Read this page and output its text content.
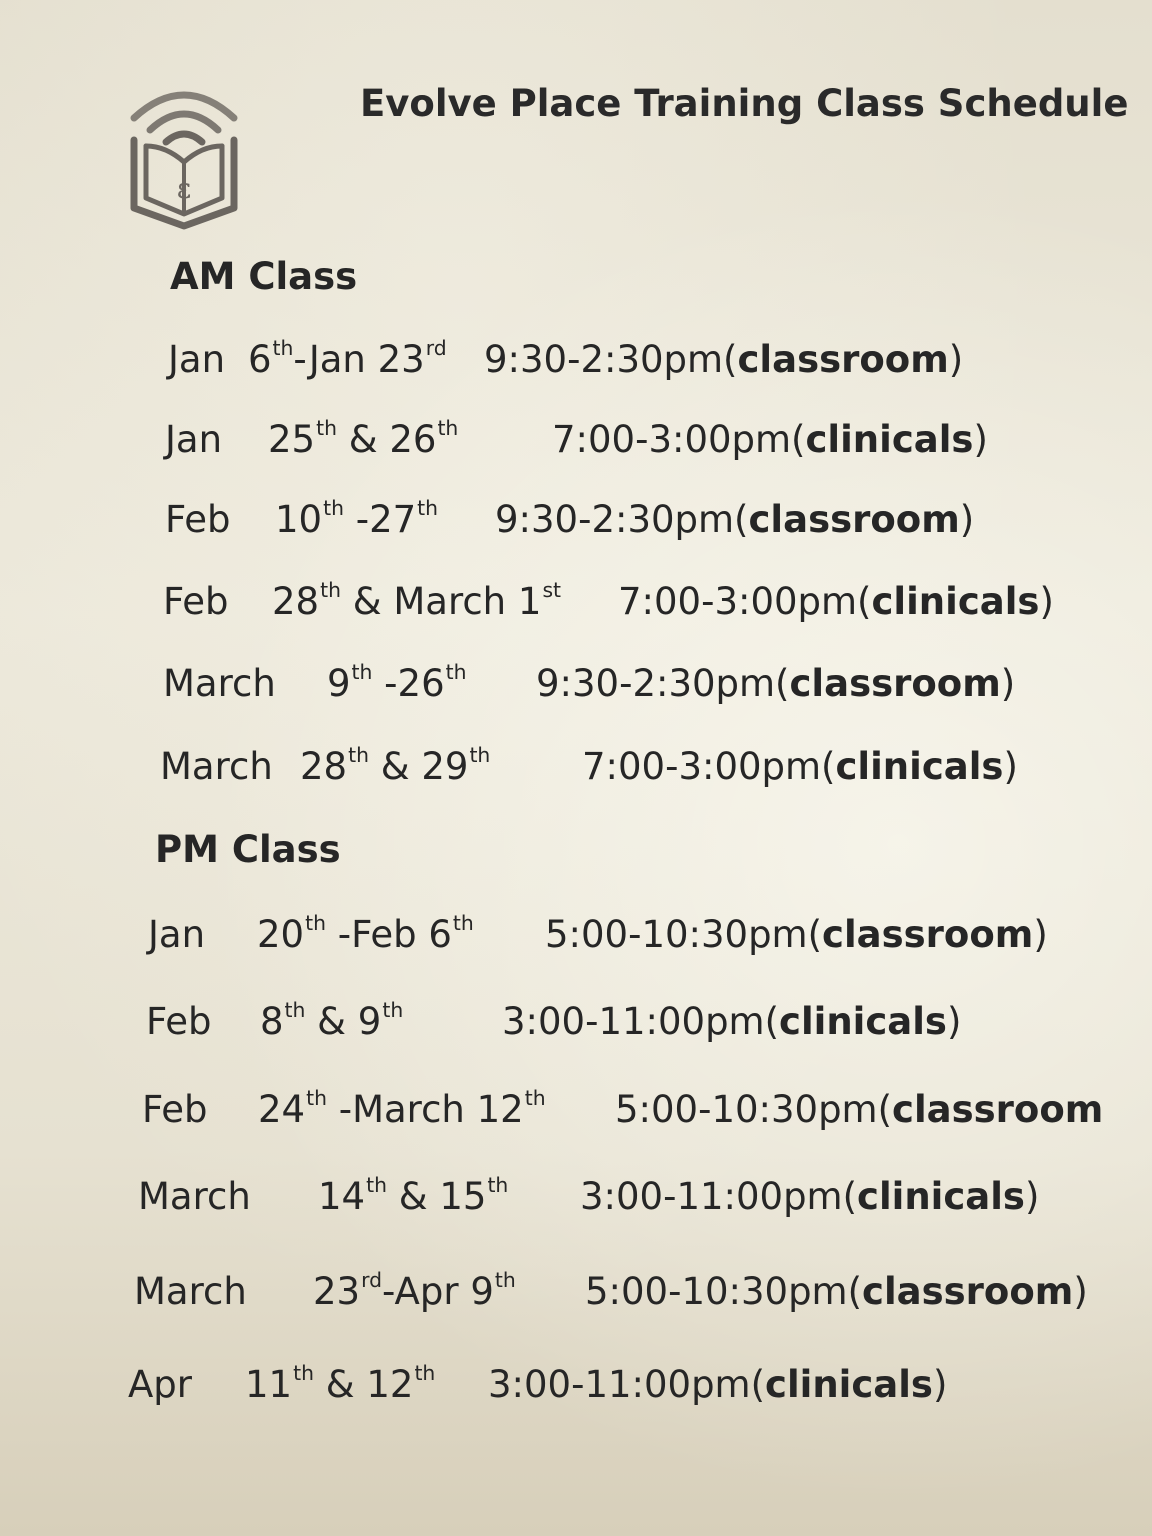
ε
Evolve Place Training Class Schedule
AM Class
PM Class
Jan 6th-Jan 23rd 9:30-2:30pm(classroom)
Jan 25th & 26th	7:00-3:00pm(clinicals)
Feb 10th -27th 9:30-2:30pm(classroom)
Feb 28th & March 1st 7:00-3:00pm(clinicals)
March 9th -26th 9:30-2:30pm(classroom)
March 28th & 29th 7:00-3:00pm(clinicals)
Jan 20th -Feb 6th 5:00-10:30pm(classroom)
Feb 8th & 9th	3:00-11:00pm(clinicals)
Feb 24th -March 12th 5:00-10:30pm(classroom
March 14th & 15th 3:00-11:00pm(clinicals)
March 23rd-Apr 9th 5:00-10:30pm(classroom)
Apr 11th & 12th 3:00-11:00pm(clinicals)
